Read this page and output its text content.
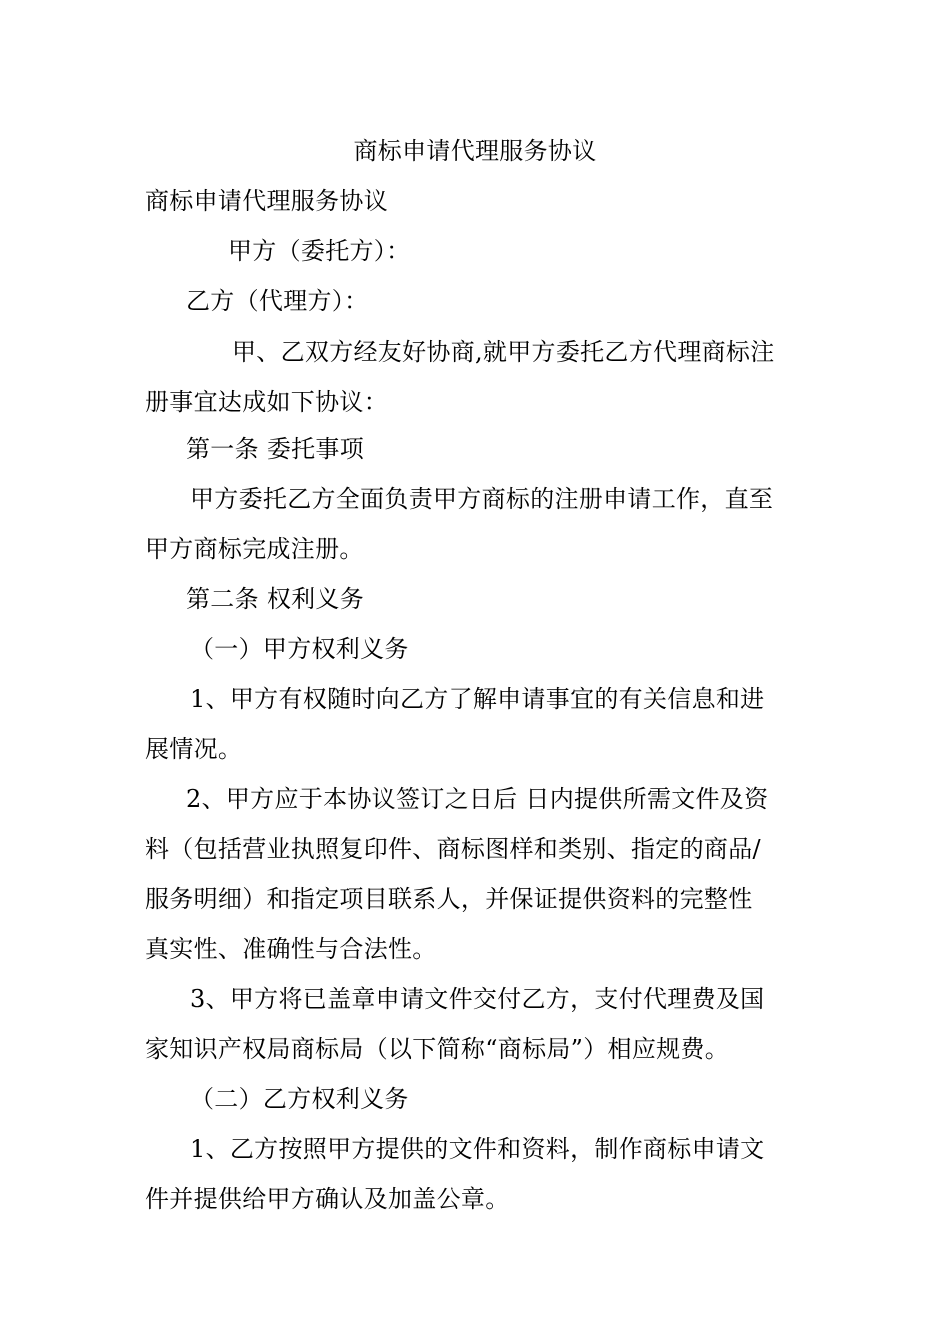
商标申请代理服务协议
商标申请代理服务协议
甲方（委托方）：
乙方（代理方）：
甲、乙双方经友好协商,就甲方委托乙方代理商标注
册事宜达成如下协议：
第一条 委托事项
甲方委托乙方全面负责甲方商标的注册申请工作，直至
甲方商标完成注册。
第二条 权利义务
（一）甲方权利义务
1、甲方有权随时向乙方了解申请事宜的有关信息和进
展情况。
2、甲方应于本协议签订之日后 日内提供所需文件及资
料（包括营业执照复印件、商标图样和类别、指定的商品/
服务明细）和指定项目联系人，并保证提供资料的完整性
真实性、准确性与合法性。
3、甲方将已盖章申请文件交付乙方，支付代理费及国
家知识产权局商标局（以下简称“商标局”）相应规费。
（二）乙方权利义务
1、乙方按照甲方提供的文件和资料，制作商标申请文
件并提供给甲方确认及加盖公章。
